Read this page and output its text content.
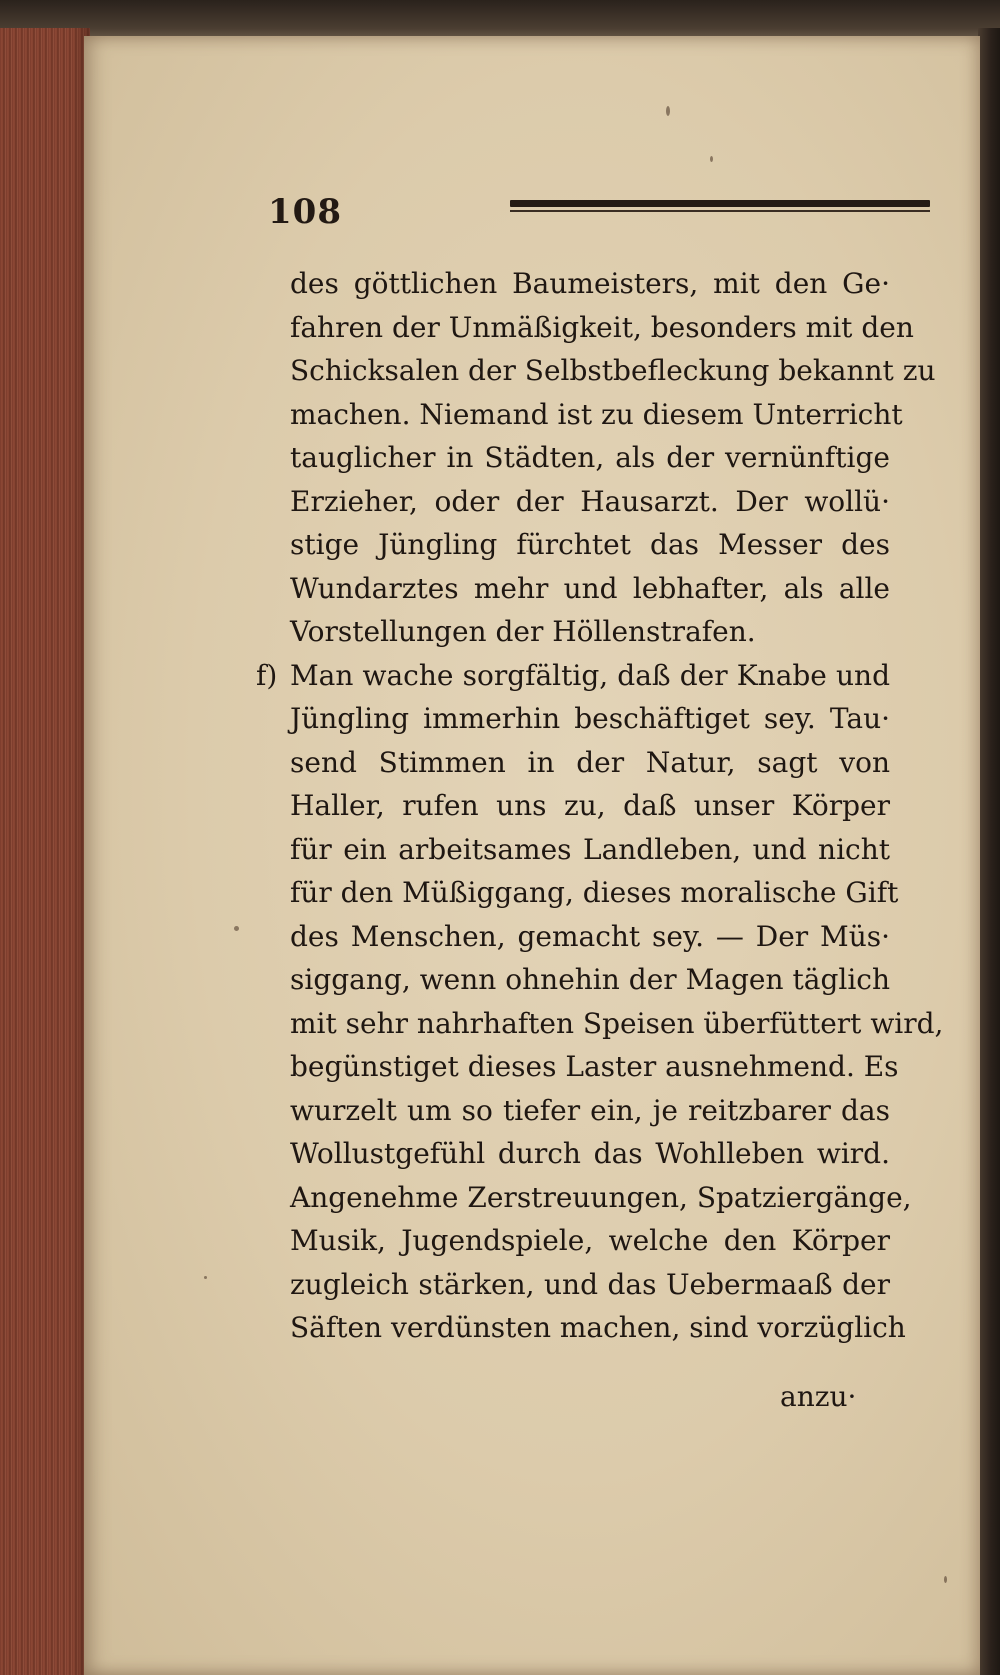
108
des göttlichen Baumeisters, mit den Ge·
fahren der Unmäßigkeit, besonders mit den
Schicksalen der Selbstbefleckung bekannt zu
machen. Niemand ist zu diesem Unterricht
tauglicher in Städten, als der vernünftige
Erzieher, oder der Hausarzt. Der wollü·
stige Jüngling fürchtet das Messer des
Wundarztes mehr und lebhafter, als alle
Vorstellungen der Höllenstrafen.
f) Man wache sorgfältig, daß der Knabe und
Jüngling immerhin beschäftiget sey. Tau·
send Stimmen in der Natur, sagt von
Haller, rufen uns zu, daß unser Körper
für ein arbeitsames Landleben, und nicht
für den Müßiggang, dieses moralische Gift
des Menschen, gemacht sey. — Der Müs·
siggang, wenn ohnehin der Magen täglich
mit sehr nahrhaften Speisen überfüttert wird,
begünstiget dieses Laster ausnehmend. Es
wurzelt um so tiefer ein, je reitzbarer das
Wollustgefühl durch das Wohlleben wird.
Angenehme Zerstreuungen, Spatziergänge,
Musik, Jugendspiele, welche den Körper
zugleich stärken, und das Uebermaaß der
Säften verdünsten machen, sind vorzüglich
anzu·
